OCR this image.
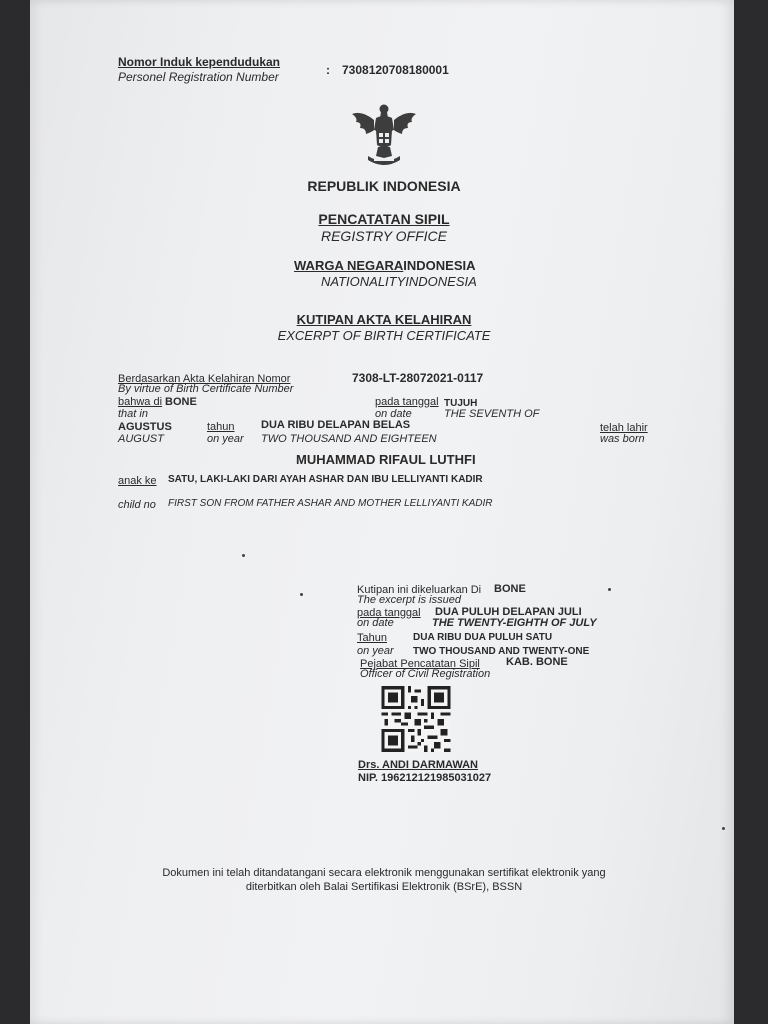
Nomor Induk kependudukan
Personel Registration Number	: 7308120708180001
REPUBLIK INDONESIA
PENCATATAN SIPIL
REGISTRY OFFICE
WARGA NEGARAINDONESIA
NATIONALITYINDONESIA
KUTIPAN AKTA KELAHIRAN
EXCERPT OF BIRTH CERTIFICATE
Berdasarkan Akta Kelahiran Nomor
By virtue of Birth Certificate Number
7308-LT-28072021-0117
bahwa di BONE
that in
pada tanggal TUJUH
on date	THE SEVENTH OF
AGUSTUS
AUGUST
tahun
on year
DUA RIBU DELAPAN BELAS
TWO THOUSAND AND EIGHTEEN
telah lahir
was born
MUHAMMAD RIFAUL LUTHFI
anak ke SATU, LAKI-LAKI DARI AYAH ASHAR DAN IBU LELLIYANTI KADIR
child no FIRST SON FROM FATHER ASHAR AND MOTHER LELLIYANTI KADIR
Kutipan ini dikeluarkan Di BONE
The excerpt is issued
pada tanggal DUA PULUH DELAPAN JULI
on date	THE TWENTY-EIGHTH OF JULY
Tahun	DUA RIBU DUA PULUH SATU
on year TWO THOUSAND AND TWENTY-ONE
Pejabat Pencatatan Sipil KAB. BONE
Officer of Civil Registration
Drs. ANDI DARMAWAN
NIP. 196212121985031027
Dokumen ini telah ditandatangani secara elektronik menggunakan sertifikat elektronik yang
diterbitkan oleh Balai Sertifikasi Elektronik (BSrE), BSSN
